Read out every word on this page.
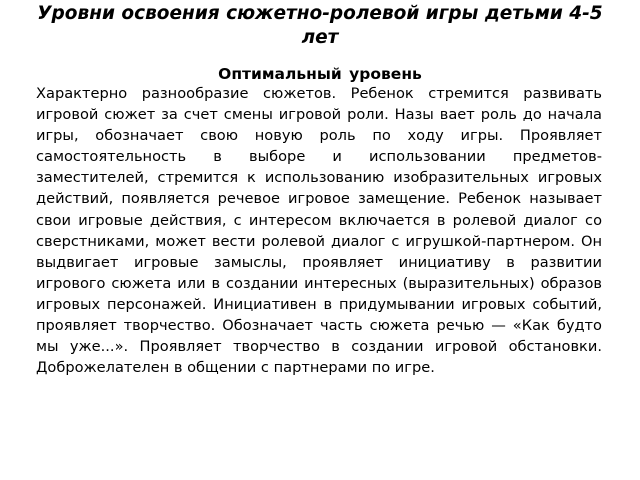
Уровни освоения сюжетно-ролевой игры детьми 4-5 лет
Оптимальный уровень

Характерно разнообразие сюжетов. Ребенок стремится развивать игровой сюжет за счет смены игровой роли. Назы вает роль до начала игры, обозначает свою новую роль по ходу игры. Проявляет самостоятельность в выборе и использовании предметов-заместителей, стремится к использованию изобразительных игровых действий, появляется речевое игровое замещение. Ребенок называет свои игровые действия, с интересом включается в ролевой диалог со сверстниками, может вести ролевой диалог с игрушкой-партнером. Он выдвигает игровые замыслы, проявляет инициативу в развитии игрового сюжета или в создании интересных (выразительных) образов игровых персонажей. Инициативен в придумывании игровых событий, проявляет творчество. Обозначает часть сюжета речью — «Как будто мы уже...». Проявляет творчество в создании игровой обстановки. Доброжелателен в общении с партнерами по игре.
